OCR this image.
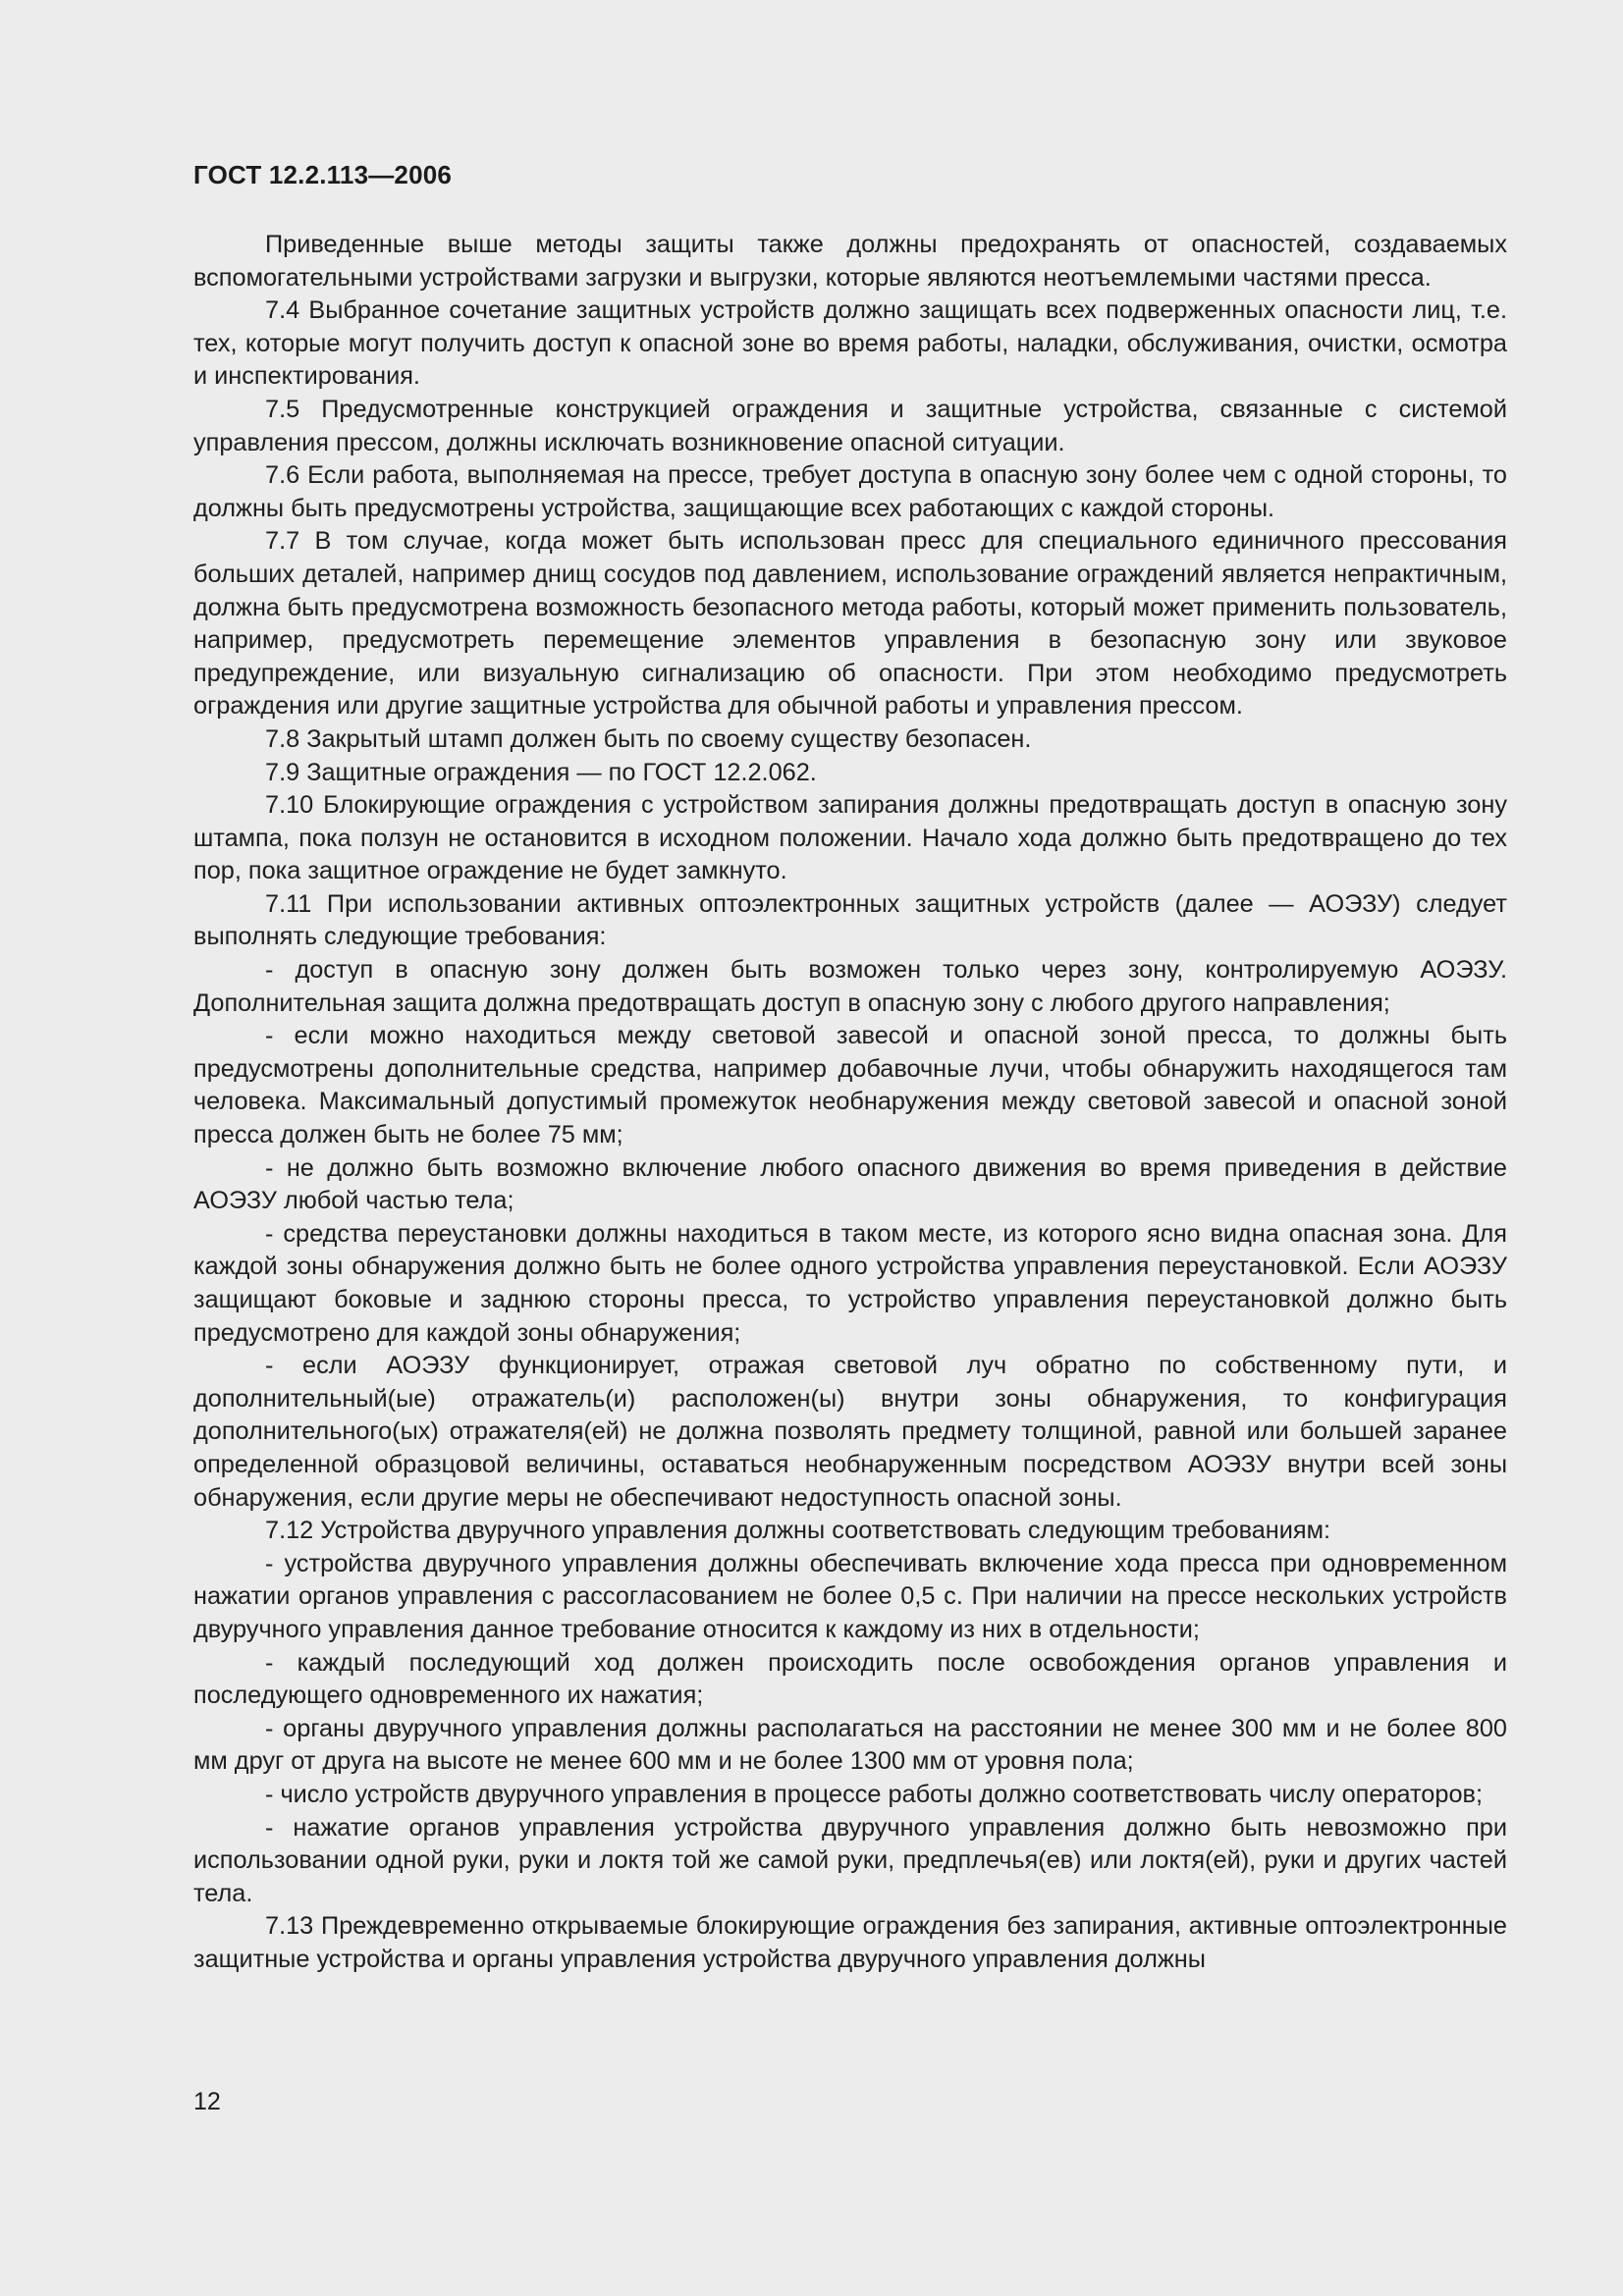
ГОСТ 12.2.113—2006

Приведенные выше методы защиты также должны предохранять от опасностей, создаваемых вспомогательными устройствами загрузки и выгрузки, которые являются неотъемлемыми частями пресса.

7.4 Выбранное сочетание защитных устройств должно защищать всех подверженных опасности лиц, т.е. тех, которые могут получить доступ к опасной зоне во время работы, наладки, обслуживания, очистки, осмотра и инспектирования.

7.5 Предусмотренные конструкцией ограждения и защитные устройства, связанные с системой управления прессом, должны исключать возникновение опасной ситуации.

7.6 Если работа, выполняемая на прессе, требует доступа в опасную зону более чем с одной стороны, то должны быть предусмотрены устройства, защищающие всех работающих с каждой стороны.

7.7 В том случае, когда может быть использован пресс для специального единичного прессования больших деталей, например днищ сосудов под давлением, использование ограждений является непрактичным, должна быть предусмотрена возможность безопасного метода работы, который может применить пользователь, например, предусмотреть перемещение элементов управления в безопасную зону или звуковое предупреждение, или визуальную сигнализацию об опасности. При этом необходимо предусмотреть ограждения или другие защитные устройства для обычной работы и управления прессом.

7.8 Закрытый штамп должен быть по своему существу безопасен.

7.9 Защитные ограждения — по ГОСТ 12.2.062.

7.10 Блокирующие ограждения с устройством запирания должны предотвращать доступ в опасную зону штампа, пока ползун не остановится в исходном положении. Начало хода должно быть предотвращено до тех пор, пока защитное ограждение не будет замкнуто.

7.11 При использовании активных оптоэлектронных защитных устройств (далее — АОЭЗУ) следует выполнять следующие требования:

- доступ в опасную зону должен быть возможен только через зону, контролируемую АОЭЗУ. Дополнительная защита должна предотвращать доступ в опасную зону с любого другого направления;

- если можно находиться между световой завесой и опасной зоной пресса, то должны быть предусмотрены дополнительные средства, например добавочные лучи, чтобы обнаружить находящегося там человека. Максимальный допустимый промежуток необнаружения между световой завесой и опасной зоной пресса должен быть не более 75 мм;

- не должно быть возможно включение любого опасного движения во время приведения в действие АОЭЗУ любой частью тела;

- средства переустановки должны находиться в таком месте, из которого ясно видна опасная зона. Для каждой зоны обнаружения должно быть не более одного устройства управления переустановкой. Если АОЭЗУ защищают боковые и заднюю стороны пресса, то устройство управления переустановкой должно быть предусмотрено для каждой зоны обнаружения;

- если АОЭЗУ функционирует, отражая световой луч обратно по собственному пути, и дополнительный(ые) отражатель(и) расположен(ы) внутри зоны обнаружения, то конфигурация дополнительного(ых) отражателя(ей) не должна позволять предмету толщиной, равной или большей заранее определенной образцовой величины, оставаться необнаруженным посредством АОЭЗУ внутри всей зоны обнаружения, если другие меры не обеспечивают недоступность опасной зоны.

7.12 Устройства двуручного управления должны соответствовать следующим требованиям:

- устройства двуручного управления должны обеспечивать включение хода пресса при одновременном нажатии органов управления с рассогласованием не более 0,5 с. При наличии на прессе нескольких устройств двуручного управления данное требование относится к каждому из них в отдельности;

- каждый последующий ход должен происходить после освобождения органов управления и последующего одновременного их нажатия;

- органы двуручного управления должны располагаться на расстоянии не менее 300 мм и не более 800 мм друг от друга на высоте не менее 600 мм и не более 1300 мм от уровня пола;

- число устройств двуручного управления в процессе работы должно соответствовать числу операторов;

- нажатие органов управления устройства двуручного управления должно быть невозможно при использовании одной руки, руки и локтя той же самой руки, предплечья(ев) или локтя(ей), руки и других частей тела.

7.13 Преждевременно открываемые блокирующие ограждения без запирания, активные оптоэлектронные защитные устройства и органы управления устройства двуручного управления должны

12
